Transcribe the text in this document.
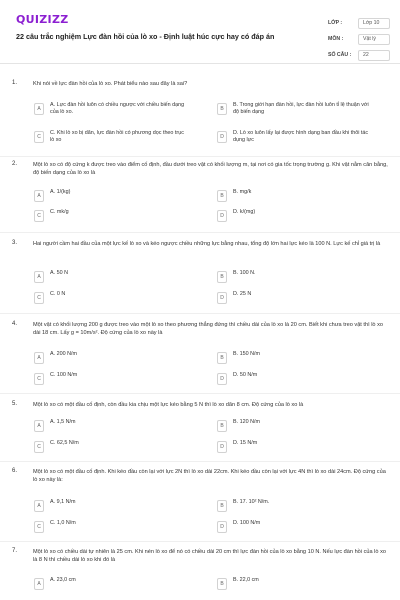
QUIZIZZ
22 câu trắc nghiệm Lực đàn hồi của lò xo - Định luật húc cực hay có đáp án
LỚP :	Lớp 10
MÔN :	Vật lý
SỐ CÂU :	22
1.	Khi nói về lực đàn hồi của lò xo. Phát biểu nào sau đây là sai?
A
A. Lực đàn hồi luôn có chiều ngược với chiều biến dạng của lò xo.	B
B. Trong giới hạn đàn hồi, lực đàn hồi luôn tỉ lệ thuận với độ biến dạng
C
C. Khi lò xo bị dãn, lực đàn hồi có phương dọc theo trục lò xo	D
D. Lò xo luôn lấy lại được hình dạng ban đầu khi thôi tác dụng lực
2.	Một lò xo có độ cứng k được treo vào điểm cố định, đầu dưới treo vật có khối lượng m, tại nơi có gia tốc trọng trường g. Khi vật nằm cân bằng, độ biến dạng của lò xo là
A
A. 1/(kg)
B
B. mg/k
C
C. mk/g
D
D. k/(mg)
3.	Hai người cầm hai đầu của một lực kế lò xo và kéo ngược chiều những lực bằng nhau, tổng độ lớn hai lực kéo là 100 N. Lực kế chỉ giá trị là
A
A. 50 N
B
B. 100 N.
C
C. 0 N
D
D. 25 N
4.	Một vật có khối lượng 200 g được treo vào một lò xo theo phương thẳng đứng thì chiều dài của lò xo là 20 cm. Biết khi chưa treo vật thì lò xo dài 18 cm. Lấy g = 10m/s². Độ cứng của lò xo này là
A
A. 200 N/m
B
B. 150 N/m
C
C. 100 N/m
D
D. 50 N/m
5.	Một lò xo có một đầu cố định, còn đầu kia chịu một lực kéo bằng 5 N thì lò xo dãn 8 cm. Độ cứng của lò xo là
A
A. 1,5 N/m
B
B. 120 N/m
C
C. 62,5 N/m
D
D. 15 N/m
6.	Một lò xo có một đầu cố định. Khi kéo đầu còn lại với lực 2N thì lò xo dài 22cm. Khi kéo đầu còn lại với lực 4N thì lò xo dài 24cm. Độ cứng của lò xo này là:
A
A. 9,1 N/m
B
B. 17. 10² N/m.
C
C. 1,0 N/m
D
D. 100 N/m
7.	Một lò xo có chiều dài tự nhiên là 25 cm. Khi nén lò xo để nó có chiều dài 20 cm thì lực đàn hồi của lò xo bằng 10 N. Nếu lực đàn hồi của lò xo là 8 N thì chiều dài lò xo khi đó là
A
A. 23,0 cm
B
B. 22,0 cm
